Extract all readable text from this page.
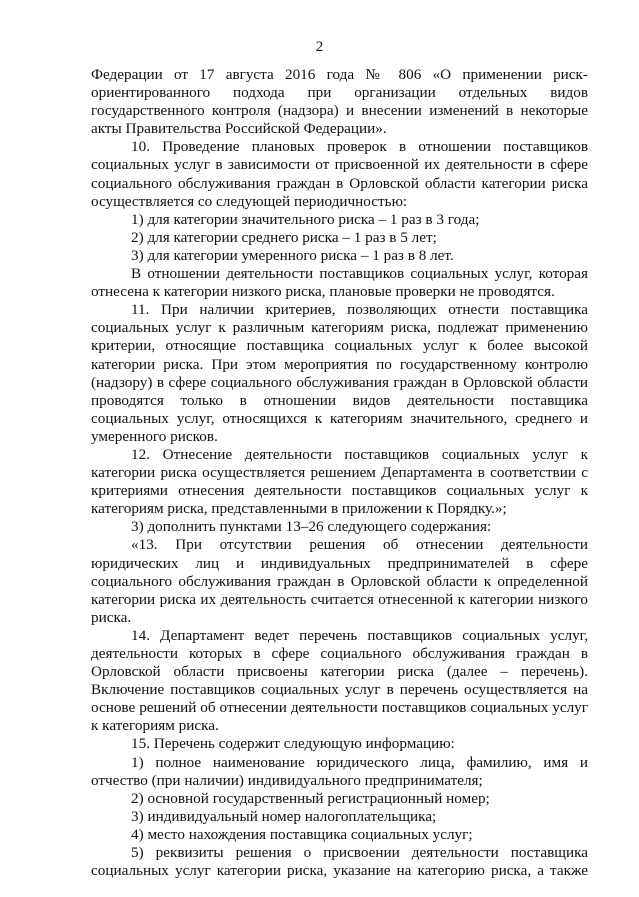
2

Федерации от 17 августа 2016 года № 806 «О применении риск-ориентированного подхода при организации отдельных видов государственного контроля (надзора) и внесении изменений в некоторые акты Правительства Российской Федерации».

10. Проведение плановых проверок в отношении поставщиков социальных услуг в зависимости от присвоенной их деятельности в сфере социального обслуживания граждан в Орловской области категории риска осуществляется со следующей периодичностью:

1) для категории значительного риска – 1 раз в 3 года;

2) для категории среднего риска – 1 раз в 5 лет;

3) для категории умеренного риска – 1 раз в 8 лет.

В отношении деятельности поставщиков социальных услуг, которая отнесена к категории низкого риска, плановые проверки не проводятся.

11. При наличии критериев, позволяющих отнести поставщика социальных услуг к различным категориям риска, подлежат применению критерии, относящие поставщика социальных услуг к более высокой категории риска. При этом мероприятия по государственному контролю (надзору) в сфере социального обслуживания граждан в Орловской области проводятся только в отношении видов деятельности поставщика социальных услуг, относящихся к категориям значительного, среднего и умеренного рисков.

12. Отнесение деятельности поставщиков социальных услуг к категории риска осуществляется решением Департамента в соответствии с критериями отнесения деятельности поставщиков социальных услуг к категориям риска, представленными в приложении к Порядку.»;

3) дополнить пунктами 13–26 следующего содержания:

«13. При отсутствии решения об отнесении деятельности юридических лиц и индивидуальных предпринимателей в сфере социального обслуживания граждан в Орловской области к определенной категории риска их деятельность считается отнесенной к категории низкого риска.

14. Департамент ведет перечень поставщиков социальных услуг, деятельности которых в сфере социального обслуживания граждан в Орловской области присвоены категории риска (далее – перечень). Включение поставщиков социальных услуг в перечень осуществляется на основе решений об отнесении деятельности поставщиков социальных услуг к категориям риска.

15. Перечень содержит следующую информацию:

1) полное наименование юридического лица, фамилию, имя и отчество (при наличии) индивидуального предпринимателя;

2) основной государственный регистрационный номер;

3) индивидуальный номер налогоплательщика;

4) место нахождения поставщика социальных услуг;

5) реквизиты решения о присвоении деятельности поставщика социальных услуг категории риска, указание на категорию риска, а также
